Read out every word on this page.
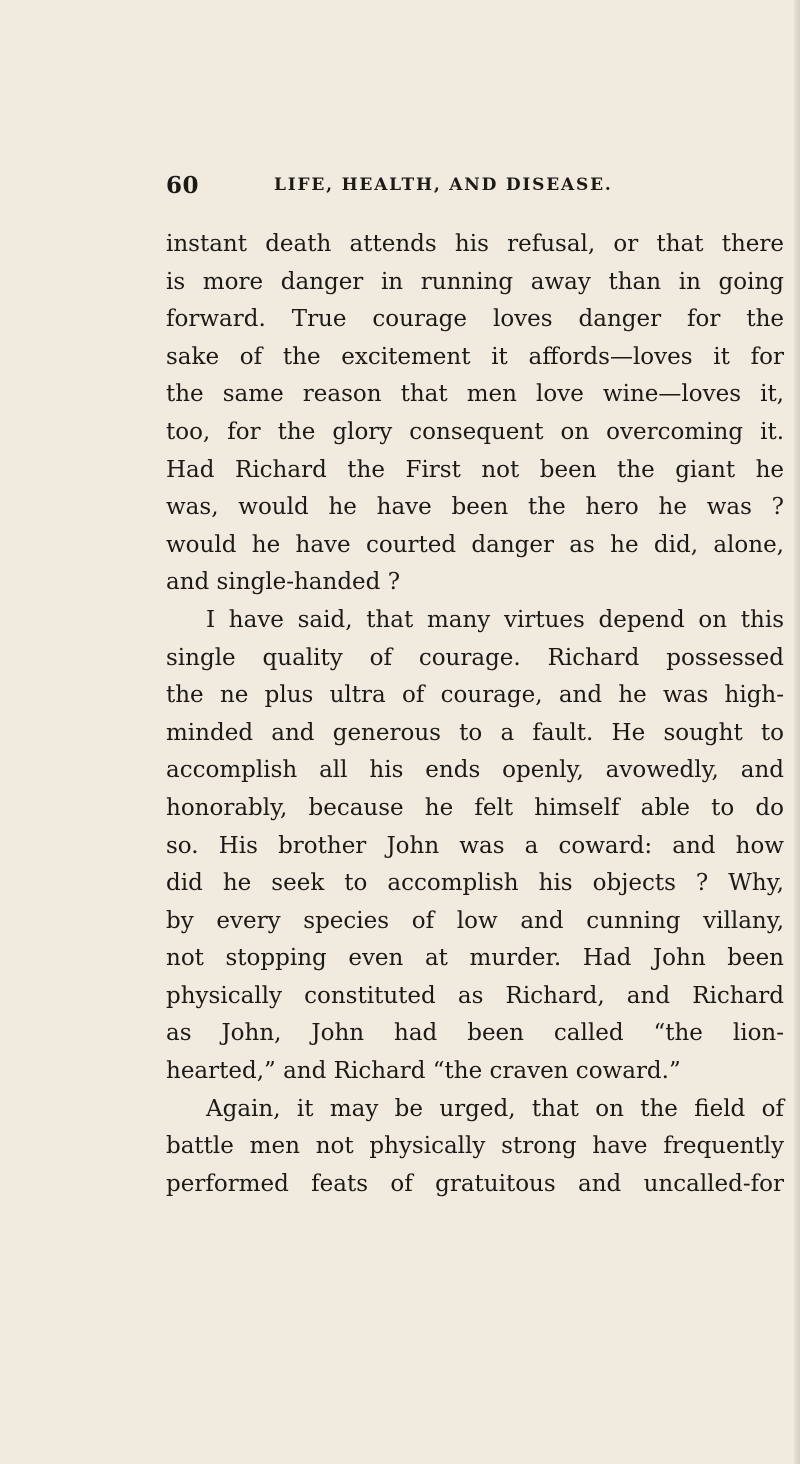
60	LIFE, HEALTH, AND DISEASE.
instant death attends his refusal, or that there
is more danger in running away than in going
forward. True courage loves danger for the
sake of the excitement it affords—loves it for
the same reason that men love wine—loves it,
too, for the glory consequent on overcoming it.
Had Richard the First not been the giant he
was, would he have been the hero he was ?
would he have courted danger as he did, alone,
and single-handed ?
I have said, that many virtues depend on this
single quality of courage. Richard possessed
the ne plus ultra of courage, and he was high-
minded and generous to a fault. He sought to
accomplish all his ends openly, avowedly, and
honorably, because he felt himself able to do
so. His brother John was a coward: and how
did he seek to accomplish his objects ? Why,
by every species of low and cunning villany,
not stopping even at murder. Had John been
physically constituted as Richard, and Richard
as John, John had been called “the lion-
hearted,” and Richard “the craven coward.”
Again, it may be urged, that on the field of
battle men not physically strong have frequently
performed feats of gratuitous and uncalled-for
